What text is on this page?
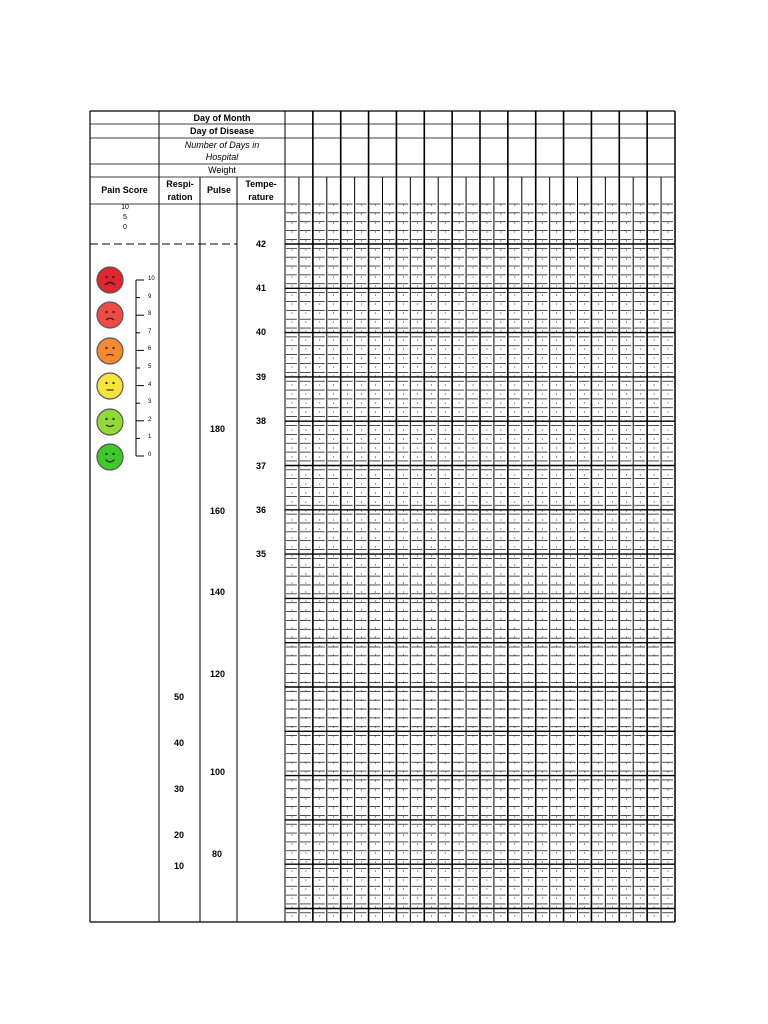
Day of Month
Day of Disease
Number of Days in Hospital
Weight
Pain Score
Respi-ration
Pulse
Tempe-rature
10
5
0
10
9
8
7
6
5
4
3
2
1
0
42
41
40
39
38
37
36
35
180
160
140
120
100
80
50
40
30
20
10
